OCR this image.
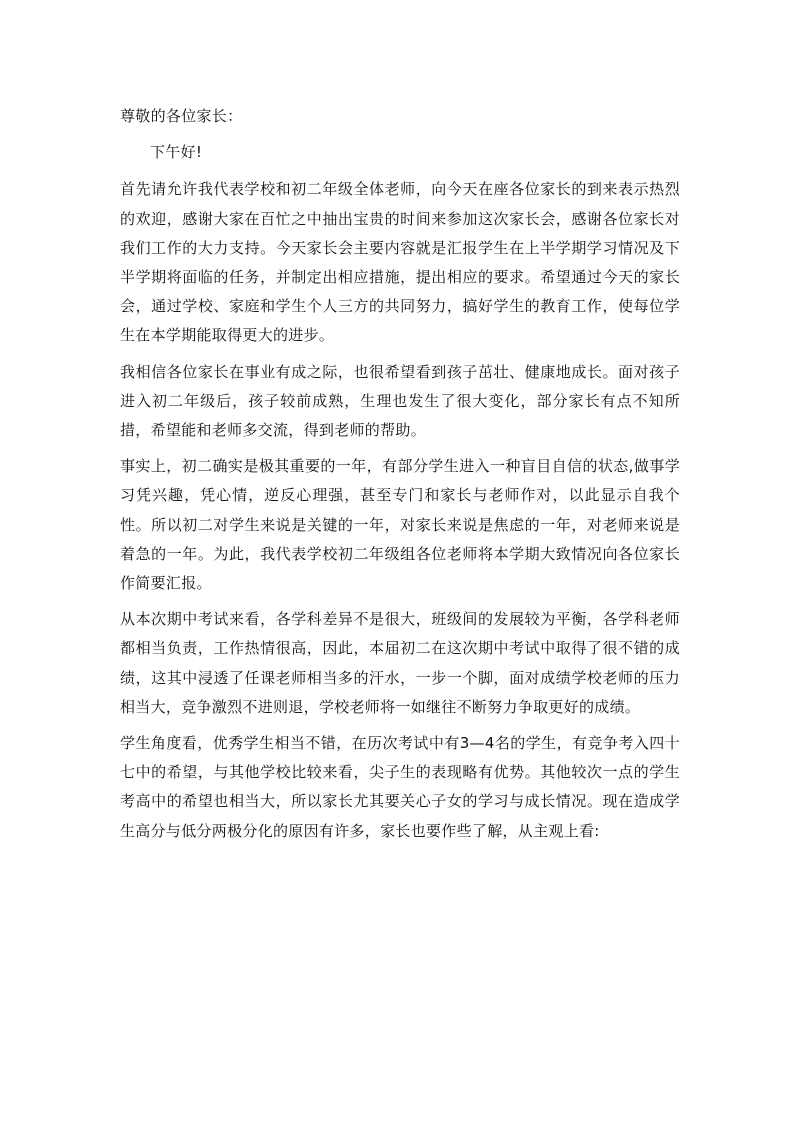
尊敬的各位家长：

下午好!

首先请允许我代表学校和初二年级全体老师，向今天在座各位家长的到来表示热烈的欢迎，感谢大家在百忙之中抽出宝贵的时间来参加这次家长会，感谢各位家长对我们工作的大力支持。今天家长会主要内容就是汇报学生在上半学期学习情况及下半学期将面临的任务，并制定出相应措施，提出相应的要求。希望通过今天的家长会，通过学校、家庭和学生个人三方的共同努力，搞好学生的教育工作，使每位学生在本学期能取得更大的进步。

我相信各位家长在事业有成之际，也很希望看到孩子茁壮、健康地成长。面对孩子进入初二年级后，孩子较前成熟，生理也发生了很大变化，部分家长有点不知所措，希望能和老师多交流，得到老师的帮助。

事实上，初二确实是极其重要的一年，有部分学生进入一种盲目自信的状态,做事学习凭兴趣，凭心情，逆反心理强，甚至专门和家长与老师作对，以此显示自我个性。所以初二对学生来说是关键的一年，对家长来说是焦虑的一年，对老师来说是着急的一年。为此，我代表学校初二年级组各位老师将本学期大致情况向各位家长作简要汇报。

从本次期中考试来看，各学科差异不是很大，班级间的发展较为平衡，各学科老师都相当负责，工作热情很高，因此，本届初二在这次期中考试中取得了很不错的成绩，这其中浸透了任课老师相当多的汗水，一步一个脚，面对成绩学校老师的压力相当大，竞争激烈不进则退，学校老师将一如继往不断努力争取更好的成绩。

学生角度看，优秀学生相当不错，在历次考试中有3—4名的学生，有竞争考入四十七中的希望，与其他学校比较来看，尖子生的表现略有优势。其他较次一点的学生考高中的希望也相当大，所以家长尤其要关心子女的学习与成长情况。现在造成学生高分与低分两极分化的原因有许多，家长也要作些了解，从主观上看:
